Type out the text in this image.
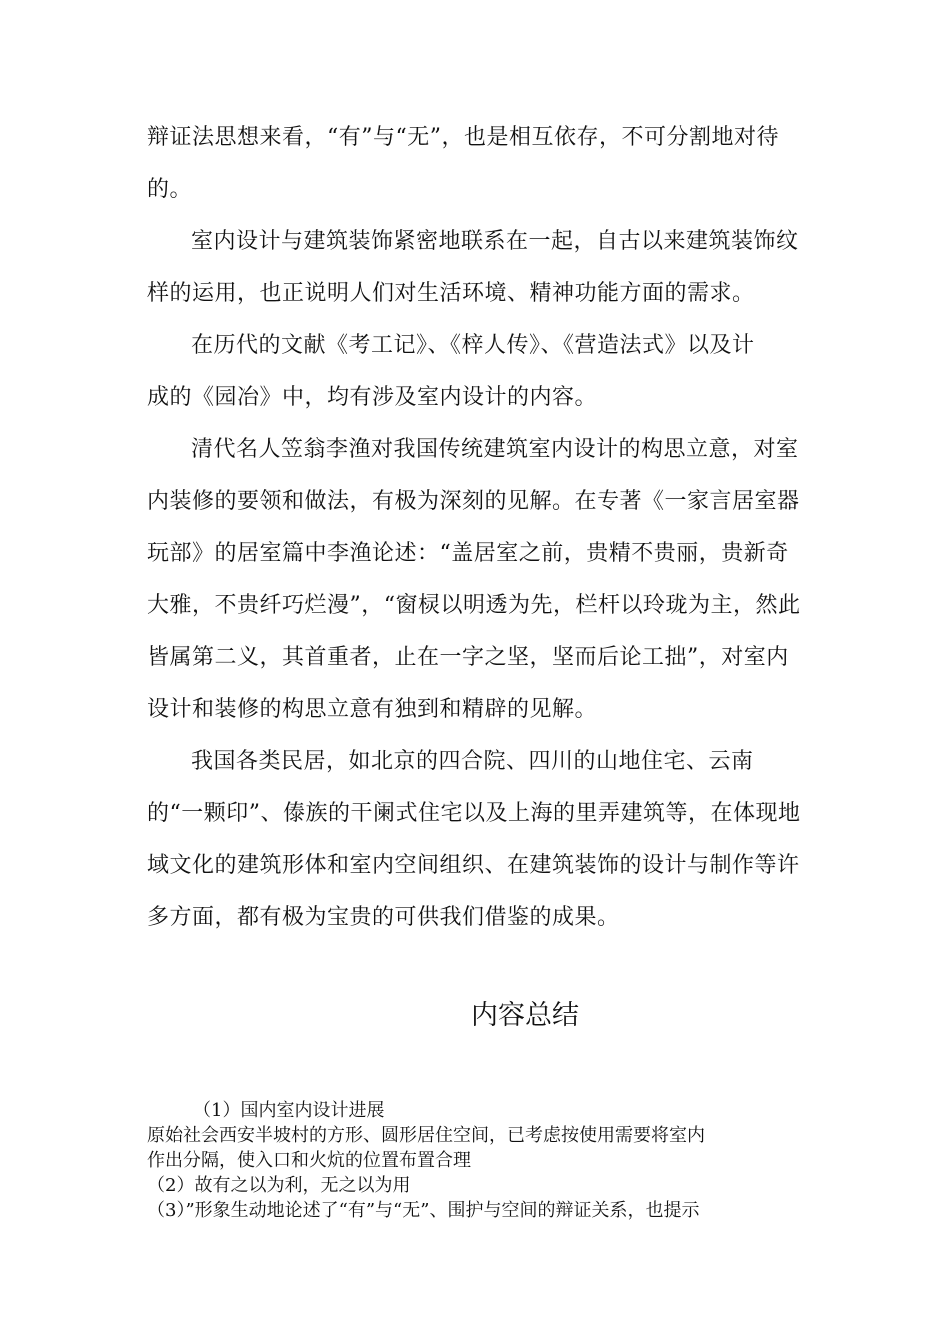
辩证法思想来看，“有”与“无”，也是相互依存，不可分割地对待
的。

室内设计与建筑装饰紧密地联系在一起，自古以来建筑装饰纹
样的运用，也正说明人们对生活环境、精神功能方面的需求。

在历代的文献《考工记》、《梓人传》、《营造法式》以及计
成的《园冶》中，均有涉及室内设计的内容。

清代名人笠翁李渔对我国传统建筑室内设计的构思立意，对室
内装修的要领和做法，有极为深刻的见解。在专著《一家言居室器
玩部》的居室篇中李渔论述：“盖居室之前，贵精不贵丽，贵新奇
大雅，不贵纤巧烂漫”，“窗棂以明透为先，栏杆以玲珑为主，然此
皆属第二义，其首重者，止在一字之坚，坚而后论工拙”，对室内
设计和装修的构思立意有独到和精辟的见解。

我国各类民居，如北京的四合院、四川的山地住宅、云南
的“一颗印”、傣族的干阑式住宅以及上海的里弄建筑等，在体现地
域文化的建筑形体和室内空间组织、在建筑装饰的设计与制作等许
多方面，都有极为宝贵的可供我们借鉴的成果。

内容总结
（1）国内室内设计进展
原始社会西安半坡村的方形、圆形居住空间，已考虑按使用需要将室内
作出分隔，使入口和火炕的位置布置合理
（2）故有之以为利，无之以为用
（3）”形象生动地论述了“有”与“无”、围护与空间的辩证关系，也提示
